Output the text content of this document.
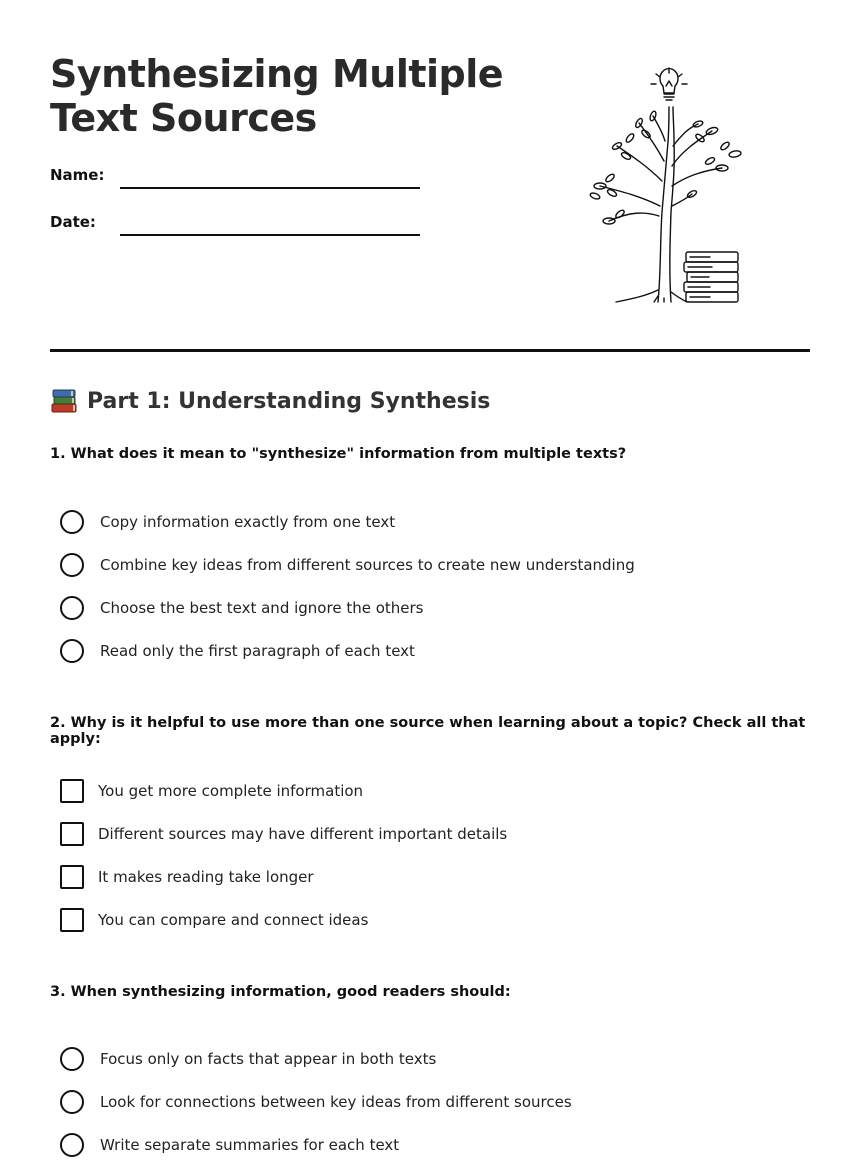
Synthesizing Multiple
Text Sources
Name:
Date:
Part 1: Understanding Synthesis
1. What does it mean to "synthesize" information from multiple texts?
Copy information exactly from one text
Combine key ideas from different sources to create new understanding
Choose the best text and ignore the others
Read only the first paragraph of each text
2. Why is it helpful to use more than one source when learning about a topic? Check all that apply:
You get more complete information
Different sources may have different important details
It makes reading take longer
You can compare and connect ideas
3. When synthesizing information, good readers should:
Focus only on facts that appear in both texts
Look for connections between key ideas from different sources
Write separate summaries for each text
